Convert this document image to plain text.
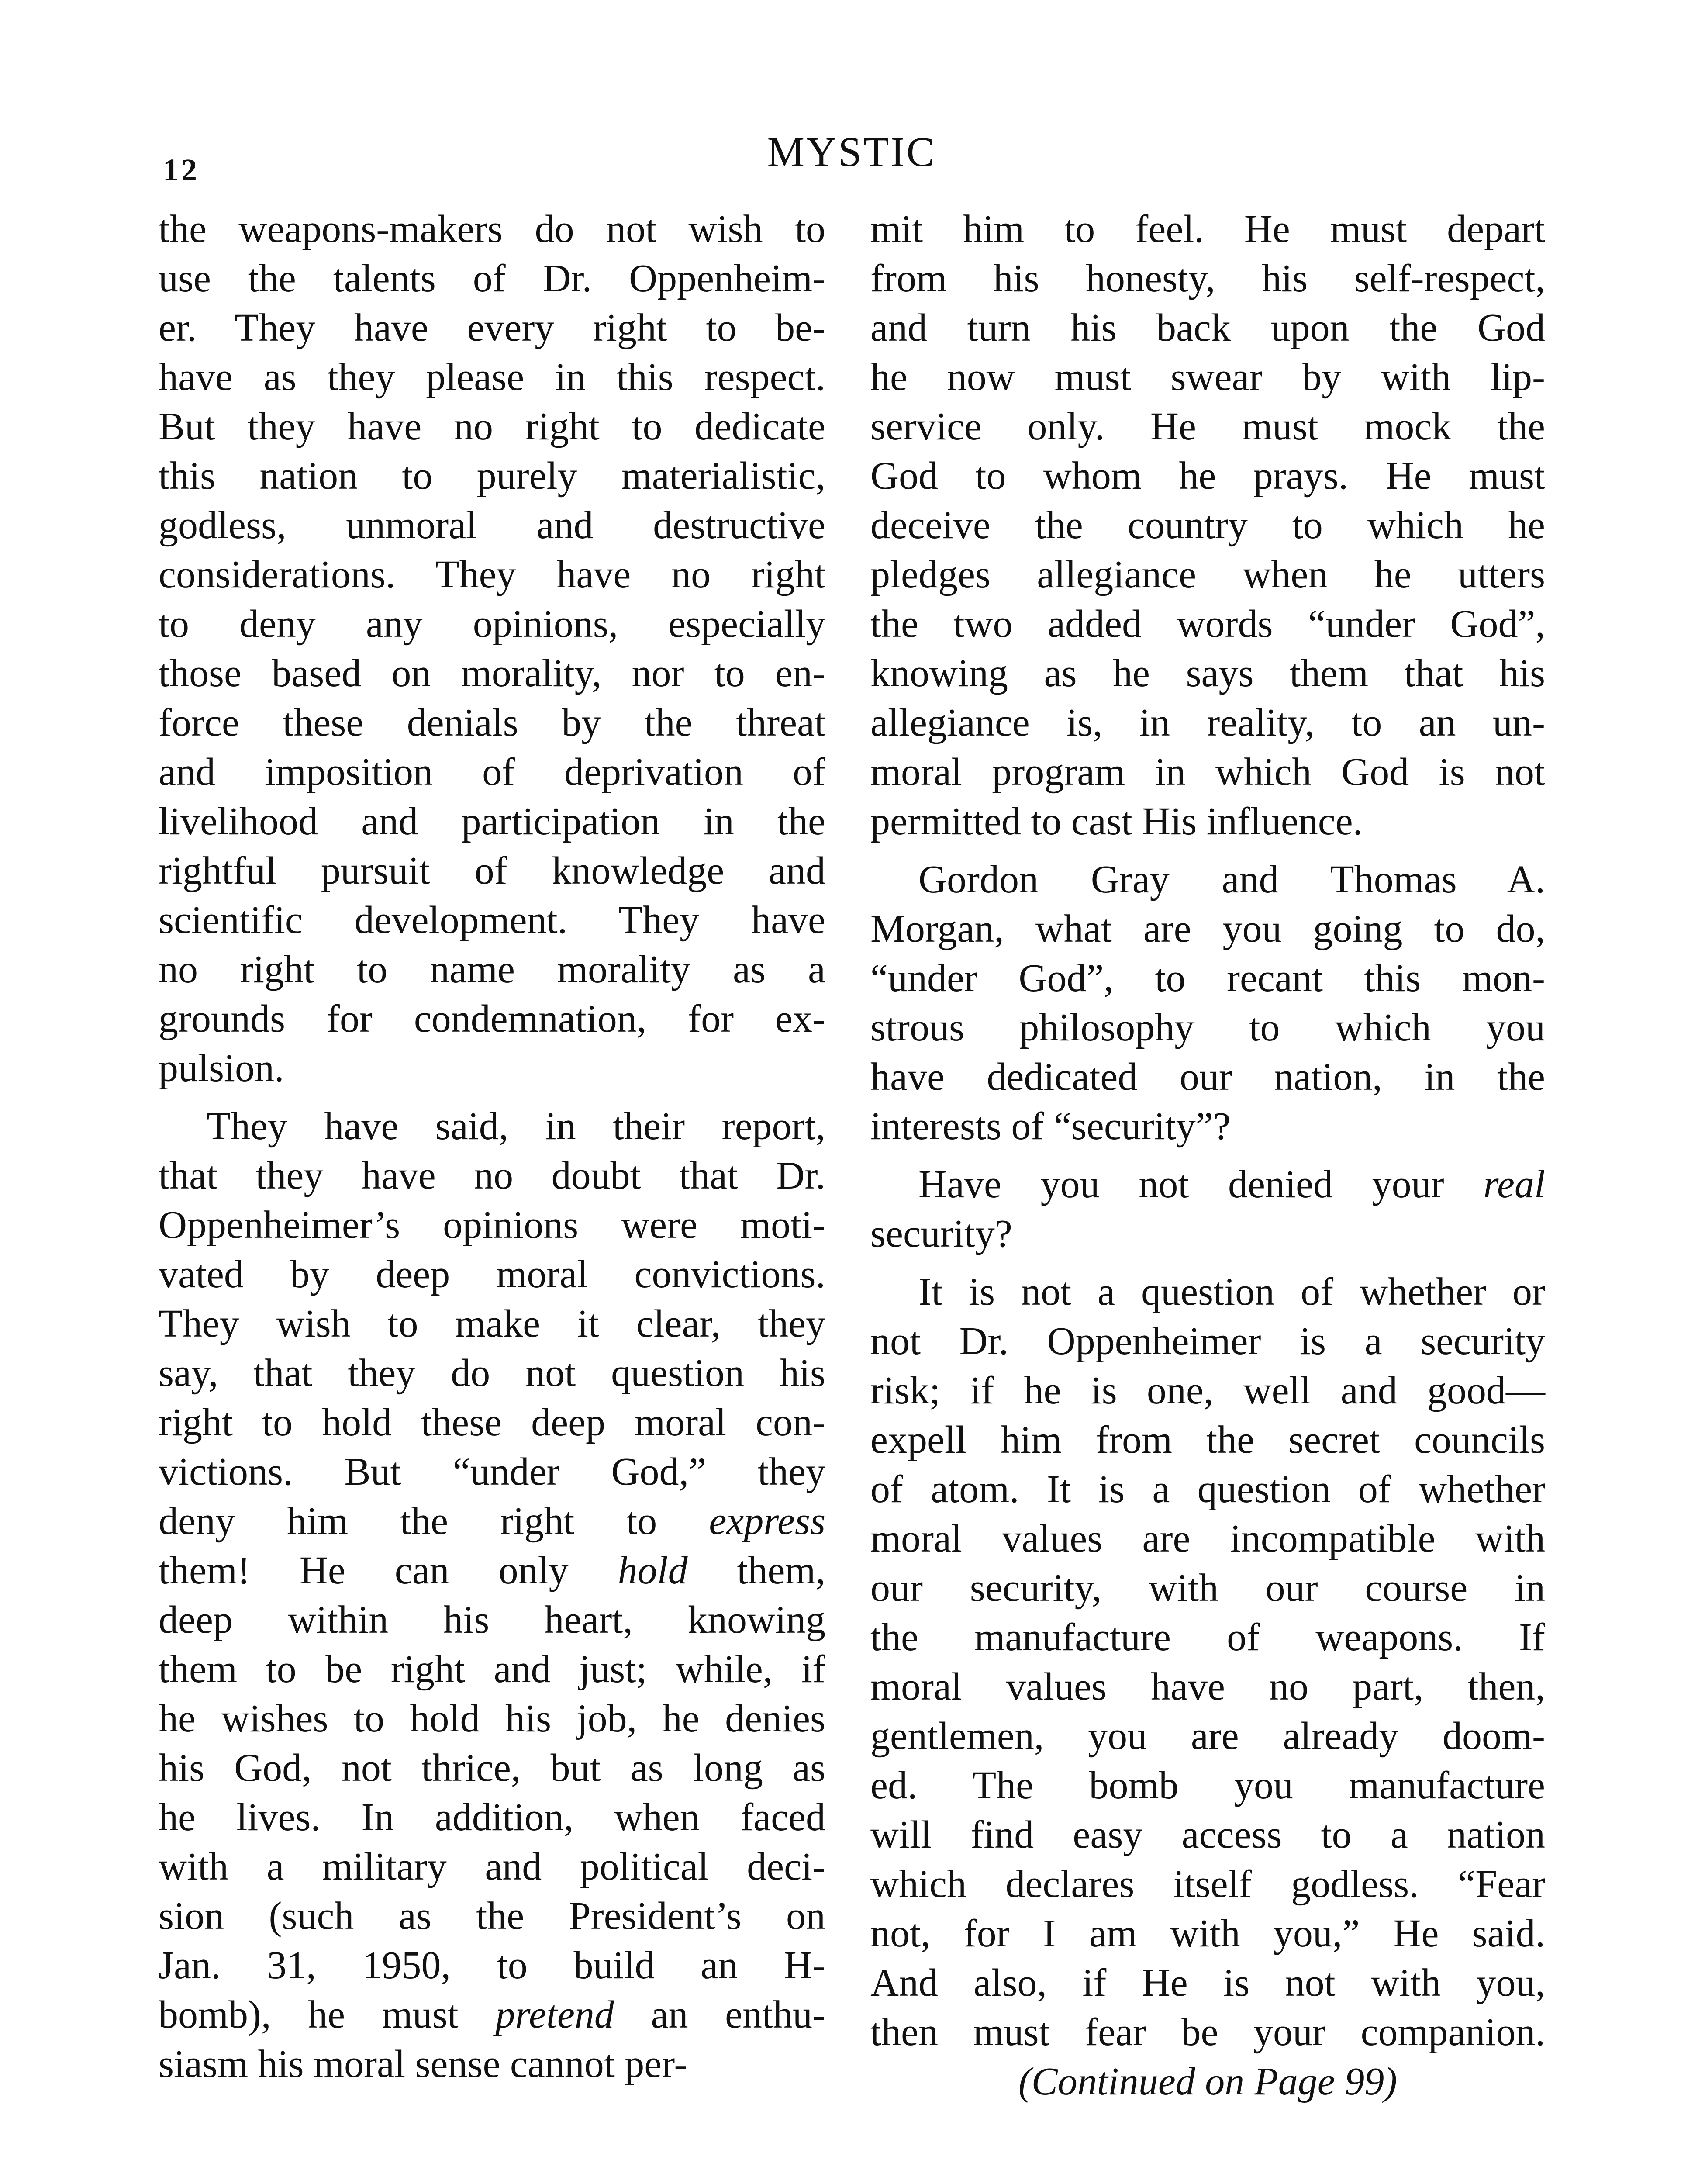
12	MYSTIC
the weapons-makers do not wish to
use the talents of Dr. Oppenheim-
er. They have every right to be-
have as they please in this respect.
But they have no right to dedicate
this nation to purely materialistic,
godless, unmoral and destructive
considerations. They have no right
to deny any opinions, especially
those based on morality, nor to en-
force these denials by the threat
and imposition of deprivation of
livelihood and participation in the
rightful pursuit of knowledge and
scientific development. They have
no right to name morality as a
grounds for condemnation, for ex-
pulsion.
They have said, in their report,
that they have no doubt that Dr.
Oppenheimer’s opinions were moti-
vated by deep moral convictions.
They wish to make it clear, they
say, that they do not question his
right to hold these deep moral con-
victions. But “under God,” they
deny him the right to express
them! He can only hold them,
deep within his heart, knowing
them to be right and just; while, if
he wishes to hold his job, he denies
his God, not thrice, but as long as
he lives. In addition, when faced
with a military and political deci-
sion (such as the President’s on
Jan. 31, 1950, to build an H-
bomb), he must pretend an enthu-
siasm his moral sense cannot per-
mit him to feel. He must depart
from his honesty, his self-respect,
and turn his back upon the God
he now must swear by with lip-
service only. He must mock the
God to whom he prays. He must
deceive the country to which he
pledges allegiance when he utters
the two added words “under God”,
knowing as he says them that his
allegiance is, in reality, to an un-
moral program in which God is not
permitted to cast His influence.
Gordon Gray and Thomas A.
Morgan, what are you going to do,
“under God”, to recant this mon-
strous philosophy to which you
have dedicated our nation, in the
interests of “security”?
Have you not denied your real
security?
It is not a question of whether or
not Dr. Oppenheimer is a security
risk; if he is one, well and good—
expell him from the secret councils
of atom. It is a question of whether
moral values are incompatible with
our security, with our course in
the manufacture of weapons. If
moral values have no part, then,
gentlemen, you are already doom-
ed. The bomb you manufacture
will find easy access to a nation
which declares itself godless. “Fear
not, for I am with you,” He said.
And also, if He is not with you,
then must fear be your companion.
(Continued on Page 99)
